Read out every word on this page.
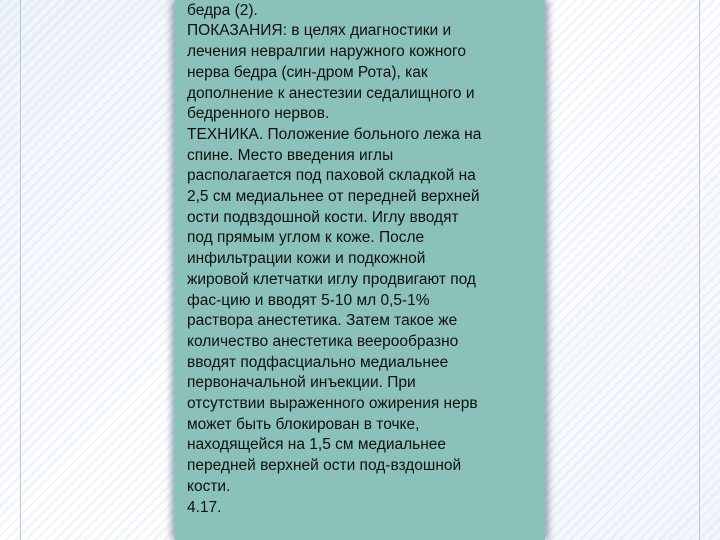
бедра (2).
ПОКАЗАНИЯ: в целях диагностики и
лечения невралгии наружного кожного
нерва бедра (син-дром Рота), как
дополнение к анестезии седалищного и
бедренного нервов.
ТЕХНИКА. Положение больного лежа на
спине. Место введения иглы
располагается под паховой складкой на
2,5 см медиальнее от передней верхней
ости подвздошной кости. Иглу вводят
под прямым углом к коже. После
инфильтрации кожи и подкожной
жировой клетчатки иглу продвигают под
фас-цию и вводят 5-10 мл 0,5-1%
раствора анестетика. Затем такое же
количество анестетика веерообразно
вводят подфасциально медиальнее
первоначальной инъекции. При
отсутствии выраженного ожирения нерв
может быть блокирован в точке,
находящейся на 1,5 см медиальнее
передней верхней ости под-вздошной
кости.
4.17.
